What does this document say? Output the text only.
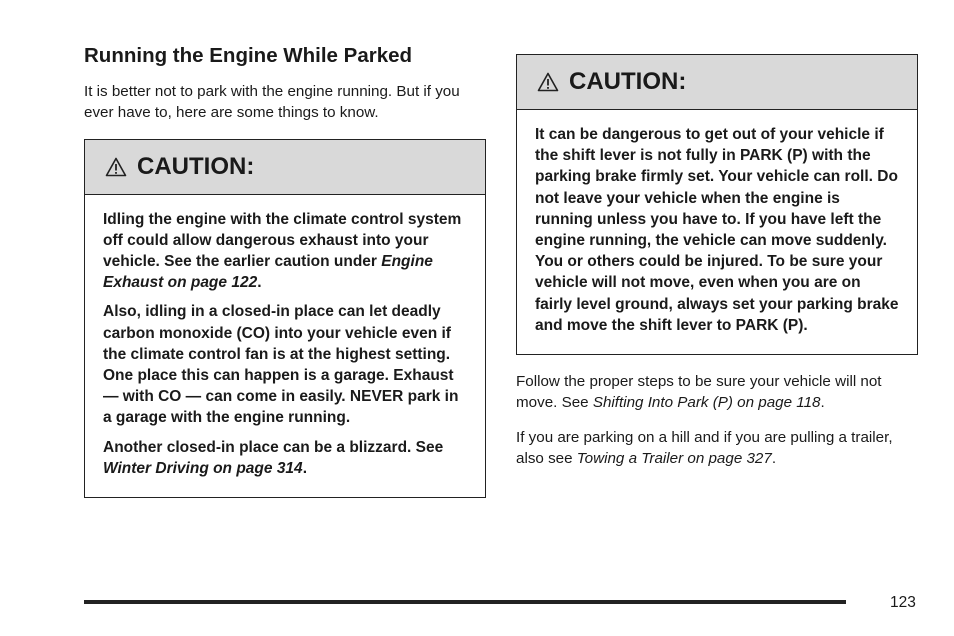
Running the Engine While Parked

It is better not to park with the engine running. But if you ever have to, here are some things to know.

CAUTION:

Idling the engine with the climate control system off could allow dangerous exhaust into your vehicle. See the earlier caution under Engine Exhaust on page 122.

Also, idling in a closed-in place can let deadly carbon monoxide (CO) into your vehicle even if the climate control fan is at the highest setting. One place this can happen is a garage. Exhaust — with CO — can come in easily. NEVER park in a garage with the engine running.

Another closed-in place can be a blizzard. See Winter Driving on page 314.

CAUTION:

It can be dangerous to get out of your vehicle if the shift lever is not fully in PARK (P) with the parking brake firmly set. Your vehicle can roll. Do not leave your vehicle when the engine is running unless you have to. If you have left the engine running, the vehicle can move suddenly. You or others could be injured. To be sure your vehicle will not move, even when you are on fairly level ground, always set your parking brake and move the shift lever to PARK (P).

Follow the proper steps to be sure your vehicle will not move. See Shifting Into Park (P) on page 118.

If you are parking on a hill and if you are pulling a trailer, also see Towing a Trailer on page 327.

123
